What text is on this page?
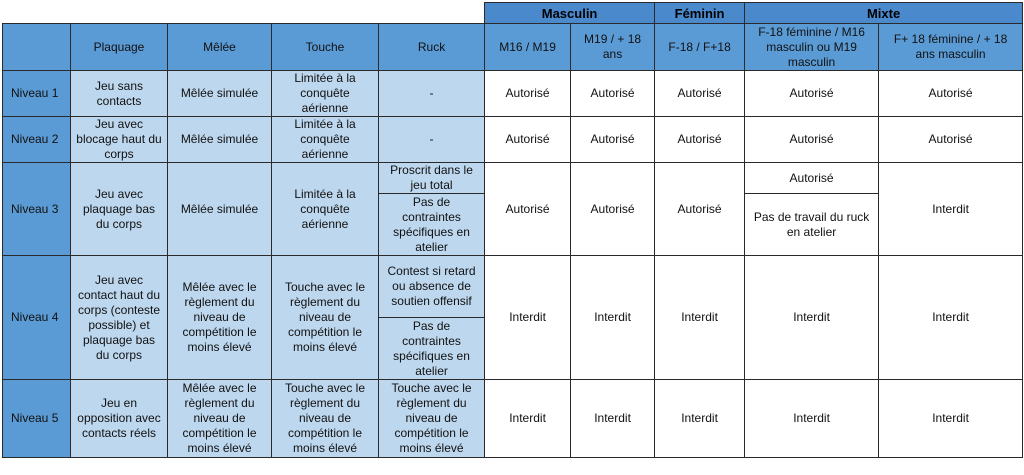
					Masculin		Féminin	Mixte	
	Plaquage	Mêlée	Touche	Ruck	M16 / M19	M19 / + 18 ans	F-18 / F+18	F-18 féminine / M16 masculin ou M19 masculin	F+ 18 féminine / + 18 ans masculin
Niveau 1	Jeu sans contacts	Mêlée simulée	Limitée à la conquête aérienne	-	Autorisé	Autorisé	Autorisé	Autorisé	Autorisé
Niveau 2	Jeu avec blocage haut du corps	Mêlée simulée	Limitée à la conquête aérienne	-	Autorisé	Autorisé	Autorisé	Autorisé	Autorisé
Niveau 3	Jeu avec plaquage bas du corps	Mêlée simulée	Limitée à la conquête aérienne	Proscrit dans le jeu total	Autorisé	Autorisé	Autorisé	Autorisé	Interdit
				Pas de contraintes spécifiques en atelier				Pas de travail du ruck en atelier	
Niveau 4	Jeu avec contact haut du corps (conteste possible) et plaquage bas du corps	Mêlée avec le règlement du niveau de compétition le moins élevé	Touche avec le règlement du niveau de compétition le moins élevé	Contest si retard ou absence de soutien offensif	Interdit	Interdit	Interdit	Interdit	Interdit
				Pas de contraintes spécifiques en atelier					
Niveau 5	Jeu en opposition avec contacts réels	Mêlée avec le règlement du niveau de compétition le moins élevé	Touche avec le règlement du niveau de compétition le moins élevé	Touche avec le règlement du niveau de compétition le moins élevé	Interdit	Interdit	Interdit	Interdit	Interdit
